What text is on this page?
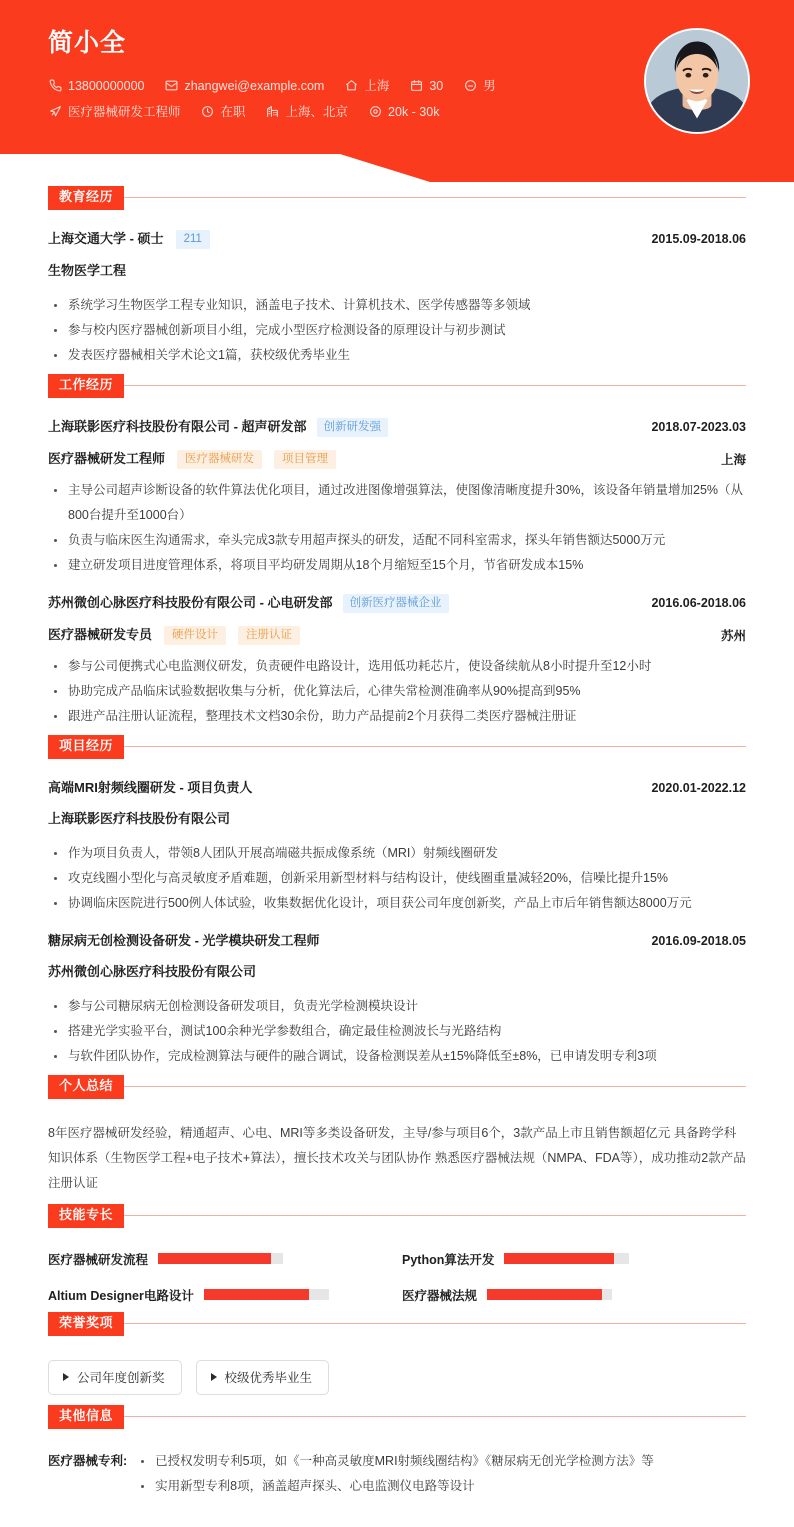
简小全
13800000000	zhangwei@example.com	上海	30	男
医疗器械研发工程师	在职	上海、北京	20k - 30k
教育经历
上海交通大学 - 硕士	211	2015.09-2018.06
生物医学工程
系统学习生物医学工程专业知识，涵盖电子技术、计算机技术、医学传感器等多领域
参与校内医疗器械创新项目小组，完成小型医疗检测设备的原理设计与初步测试
发表医疗器械相关学术论文1篇，获校级优秀毕业生
工作经历
上海联影医疗科技股份有限公司 - 超声研发部	创新研发强	2018.07-2023.03
医疗器械研发工程师	医疗器械研发	项目管理	上海
主导公司超声诊断设备的软件算法优化项目，通过改进图像增强算法，使图像清晰度提升30%，该设备年销量增加25%（从800台提升至1000台）
负责与临床医生沟通需求，牵头完成3款专用超声探头的研发，适配不同科室需求，探头年销售额达5000万元
建立研发项目进度管理体系，将项目平均研发周期从18个月缩短至15个月，节省研发成本15%
苏州微创心脉医疗科技股份有限公司 - 心电研发部	创新医疗器械企业	2016.06-2018.06
医疗器械研发专员	硬件设计	注册认证	苏州
参与公司便携式心电监测仪研发，负责硬件电路设计，选用低功耗芯片，使设备续航从8小时提升至12小时
协助完成产品临床试验数据收集与分析，优化算法后，心律失常检测准确率从90%提高到95%
跟进产品注册认证流程，整理技术文档30余份，助力产品提前2个月获得二类医疗器械注册证
项目经历
高端MRI射频线圈研发 - 项目负责人	2020.01-2022.12
上海联影医疗科技股份有限公司
作为项目负责人，带领8人团队开展高端磁共振成像系统（MRI）射频线圈研发
攻克线圈小型化与高灵敏度矛盾难题，创新采用新型材料与结构设计，使线圈重量减轻20%，信噪比提升15%
协调临床医院进行500例人体试验，收集数据优化设计，项目获公司年度创新奖，产品上市后年销售额达8000万元
糖尿病无创检测设备研发 - 光学模块研发工程师	2016.09-2018.05
苏州微创心脉医疗科技股份有限公司
参与公司糖尿病无创检测设备研发项目，负责光学检测模块设计
搭建光学实验平台，测试100余种光学参数组合，确定最佳检测波长与光路结构
与软件团队协作，完成检测算法与硬件的融合调试，设备检测误差从±15%降低至±8%，已申请发明专利3项
个人总结
8年医疗器械研发经验，精通超声、心电、MRI等多类设备研发，主导/参与项目6个，3款产品上市且销售额超亿元 具备跨学科知识体系（生物医学工程+电子技术+算法），擅长技术攻关与团队协作 熟悉医疗器械法规（NMPA、FDA等），成功推动2款产品注册认证
技能专长
医疗器械研发流程	Python算法开发
Altium Designer电路设计	医疗器械法规
荣誉奖项
公司年度创新奖	校级优秀毕业生
其他信息
医疗器械专利:	已授权发明专利5项，如《一种高灵敏度MRI射频线圈结构》《糖尿病无创光学检测方法》等
实用新型专利8项，涵盖超声探头、心电监测仪电路等设计
